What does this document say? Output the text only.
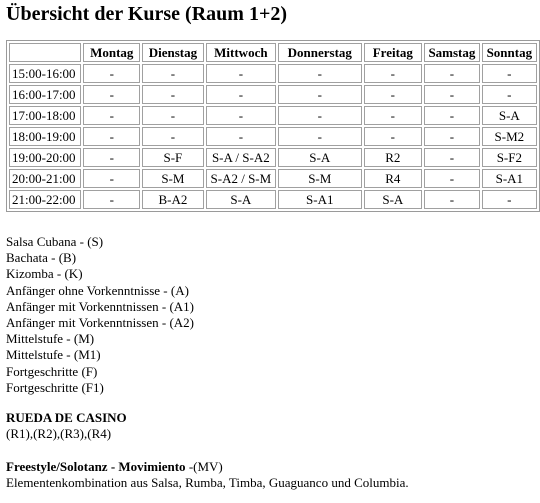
Übersicht der Kurse (Raum 1+2)
	Montag	Dienstag	Mittwoch	Donnerstag	Freitag	Samstag	Sonntag
15:00-16:00	-	-	-	-	-	-	-
16:00-17:00	-	-	-	-	-	-	-
17:00-18:00	-	-	-	-	-	-	S-A
18:00-19:00	-	-	-	-	-	-	S-M2
19:00-20:00	-	S-F	S-A / S-A2	S-A	R2	-	S-F2
20:00-21:00	-	S-M	S-A2 / S-M	S-M	R4	-	S-A1
21:00-22:00	-	B-A2	S-A	S-A1	S-A	-	-
Salsa Cubana - (S)
Bachata - (B)
Kizomba - (K)
Anfänger ohne Vorkenntnisse - (A)
Anfänger mit Vorkenntnissen - (A1)
Anfänger mit Vorkenntnissen - (A2)
Mittelstufe - (M)
Mittelstufe - (M1)
Fortgeschritte (F)
Fortgeschritte (F1)
RUEDA DE CASINO
(R1),(R2),(R3),(R4)
Freestyle/Solotanz - Movimiento -(MV)
Elementenkombination aus Salsa, Rumba, Timba, Guaguanco und Columbia.
